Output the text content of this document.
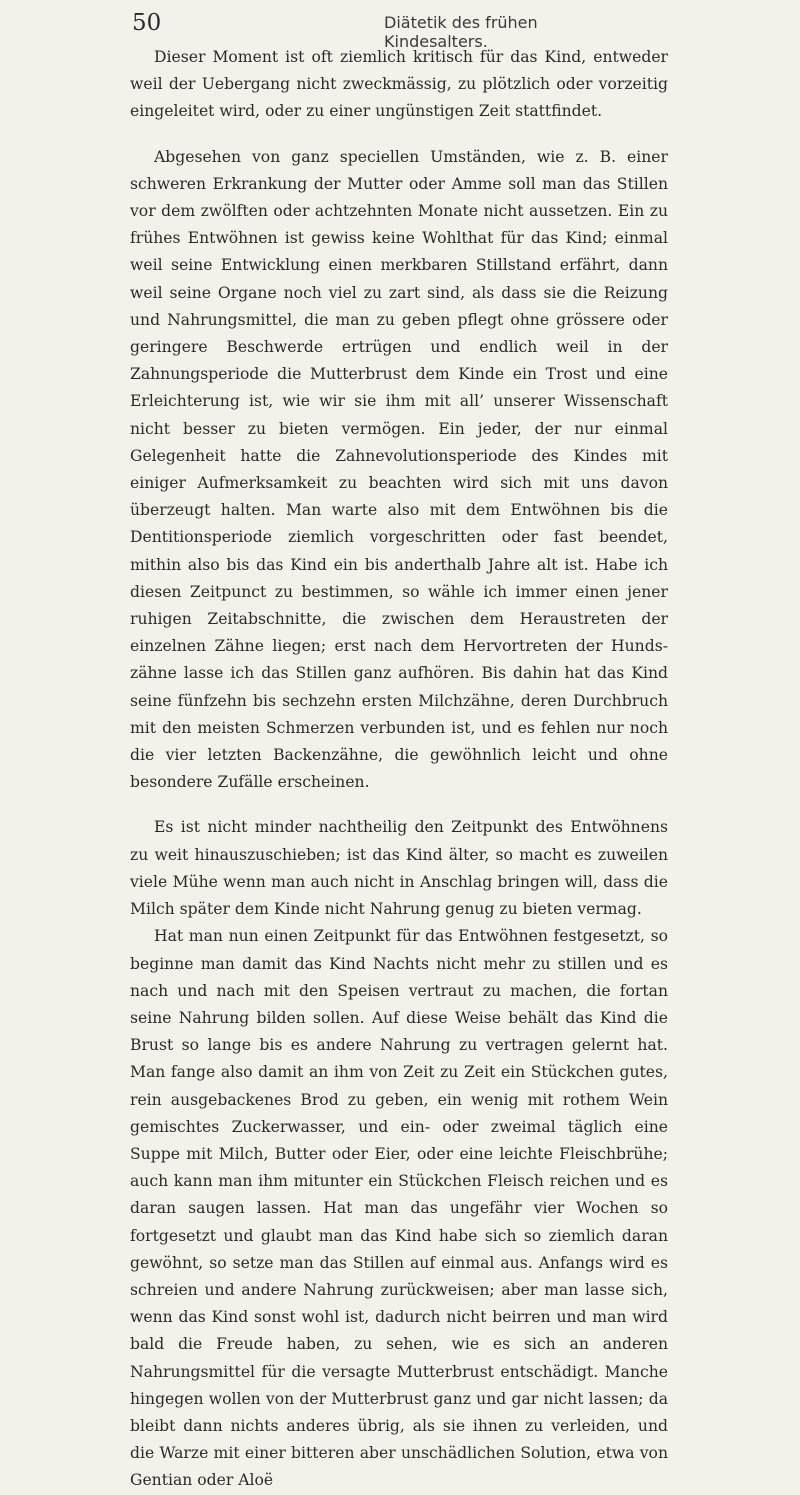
50	Diätetik des frühen Kindesalters.

Dieser Moment ist oft ziemlich kritisch für das Kind, entweder weil der Uebergang nicht zweckmässig, zu plötzlich oder vorzeitig eingeleitet wird, oder zu einer ungünstigen Zeit stattfindet.

Abgesehen von ganz speciellen Umständen, wie z. B. einer schweren Erkrankung der Mutter oder Amme soll man das Stillen vor dem zwölften oder achtzehnten Monate nicht aussetzen. Ein zu frühes Entwöhnen ist gewiss keine Wohlthat für das Kind; einmal weil seine Entwicklung einen merkbaren Stillstand erfährt, dann weil seine Organe noch viel zu zart sind, als dass sie die Reizung und Nahrungsmittel, die man zu geben pflegt ohne grössere oder geringere Beschwerde ertrügen und endlich weil in der Zahnungsperiode die Mutterbrust dem Kinde ein Trost und eine Erleichterung ist, wie wir sie ihm mit all’ unserer Wissenschaft nicht besser zu bieten vermögen. Ein jeder, der nur einmal Gelegenheit hatte die Zahnevolutionsperiode des Kindes mit einiger Aufmerksamkeit zu beachten wird sich mit uns davon überzeugt halten. Man warte also mit dem Entwöhnen bis die Dentitionsperiode ziemlich vorgeschritten oder fast beendet, mithin also bis das Kind ein bis anderthalb Jahre alt ist. Habe ich diesen Zeitpunct zu bestimmen, so wähle ich immer einen jener ruhigen Zeitabschnitte, die zwischen dem Heraustreten der einzelnen Zähne liegen; erst nach dem Hervortreten der Hundszähne lasse ich das Stillen ganz aufhören. Bis dahin hat das Kind seine fünfzehn bis sechzehn ersten Milchzähne, deren Durchbruch mit den meisten Schmerzen verbunden ist, und es fehlen nur noch die vier letzten Backenzähne, die gewöhnlich leicht und ohne besondere Zufälle erscheinen.

Es ist nicht minder nachtheilig den Zeitpunkt des Entwöhnens zu weit hinauszuschieben; ist das Kind älter, so macht es zuweilen viele Mühe wenn man auch nicht in Anschlag bringen will, dass die Milch später dem Kinde nicht Nahrung genug zu bieten vermag.

Hat man nun einen Zeitpunkt für das Entwöhnen festgesetzt, so beginne man damit das Kind Nachts nicht mehr zu stillen und es nach und nach mit den Speisen vertraut zu machen, die fortan seine Nahrung bilden sollen. Auf diese Weise behält das Kind die Brust so lange bis es andere Nahrung zu vertragen gelernt hat. Man fange also damit an ihm von Zeit zu Zeit ein Stückchen gutes, rein ausgebackenes Brod zu geben, ein wenig mit rothem Wein gemischtes Zuckerwasser, und ein- oder zweimal täglich eine Suppe mit Milch, Butter oder Eier, oder eine leichte Fleischbrühe; auch kann man ihm mitunter ein Stückchen Fleisch reichen und es daran saugen lassen. Hat man das ungefähr vier Wochen so fortgesetzt und glaubt man das Kind habe sich so ziemlich daran gewöhnt, so setze man das Stillen auf einmal aus. Anfangs wird es schreien und andere Nahrung zurückweisen; aber man lasse sich, wenn das Kind sonst wohl ist, dadurch nicht beirren und man wird bald die Freude haben, zu sehen, wie es sich an anderen Nahrungsmittel für die versagte Mutterbrust entschädigt. Manche hingegen wollen von der Mutterbrust ganz und gar nicht lassen; da bleibt dann nichts anderes übrig, als sie ihnen zu verleiden, und die Warze mit einer bitteren aber unschädlichen Solution, etwa von Gentian oder Aloë
